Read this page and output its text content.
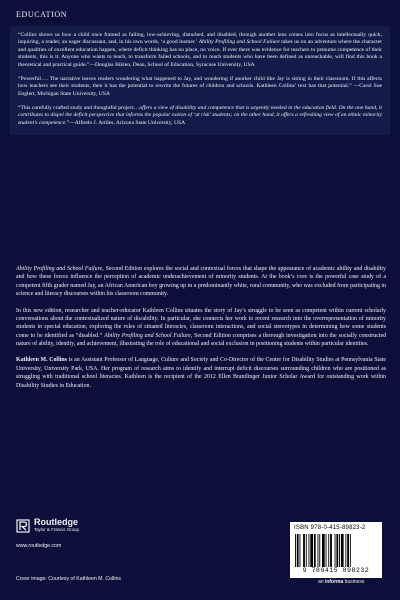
EDUCATION

“Collins shows us how a child once framed as failing, low-achieving, disturbed, and disabled, through another lens comes into focus as intellectually quick, inquiring, a reader, an eager discussant, and, in his own words, ‘a good learner.’ Ability Profiling and School Failure takes us on an adventure where the character and qualities of excellent education happen, where deficit thinking has no place, no voice. If ever there was evidence for teachers to presume competence of their students, this is it. Anyone who wants to teach, to transform failed schools, and to reach students who have been defined as unreachable, will find this book a theoretical and practical guide.”—Douglas Biklen, Dean, School of Education, Syracuse University, USA

“Powerful…. The narrative leaves readers wondering what happened to Jay, and wondering if another child like Jay is sitting in their classroom. If this affects how teachers see their students, then it has the potential to rewrite the futures of children and schools. Kathleen Collins’ text has that potential.” —Carol Sue Englert, Michigan State University, USA

“This carefully crafted study and thoughtful project…offers a view of disability and competence that is urgently needed in the education field. On the one hand, it contributes to dispel the deficit perspective that informs the popular notion of ‘at risk’ students; on the other hand, it offers a refreshing view of an ethnic minority student’s competence.”—Alfredo J. Artiles, Arizona State University, USA

Ability Profiling and School Failure, Second Edition explores the social and contextual forces that shape the appearance of academic ability and disability and how these forces influence the perception of academic underachievement of minority students. At the book’s core is the powerful case study of a competent fifth grader named Jay, an African American boy growing up in a predominantly white, rural community, who was excluded from participating in science and literacy discourses within his classroom community.

In this new edition, researcher and teacher-educator Kathleen Collins situates the story of Jay’s struggle to be seen as competent within current scholarly conversations about the contextualized nature of dis/ability. In particular, she connects her work to recent research into the overrepresentation of minority students in special education, exploring the roles of situated literacies, classroom interactions, and social stereotypes in determining how some students come to be identified as “disabled.” Ability Profiling and School Failure, Second Edition comprises a thorough investigation into the socially constructed nature of ability, identity, and achievement, illustrating the role of educational and social exclusion in positioning students within particular identities.

Kathleen M. Collins is an Assistant Professor of Language, Culture and Society and Co-Director of the Center for Disability Studies at Pennsylvania State University, University Park, USA. Her program of research aims to identify and interrupt deficit discourses surrounding children who are positioned as struggling with traditional school literacies. Kathleen is the recipient of the 2012 Ellen Brantlinger Junior Scholar Award for outstanding work within Disability Studies in Education.

Routledge
Taylor & Francis Group
www.routledge.com
Cover image: Courtesy of Kathleen M. Collins	an informa business
ISBN 978-0-415-89823-2
9 780415 898232
